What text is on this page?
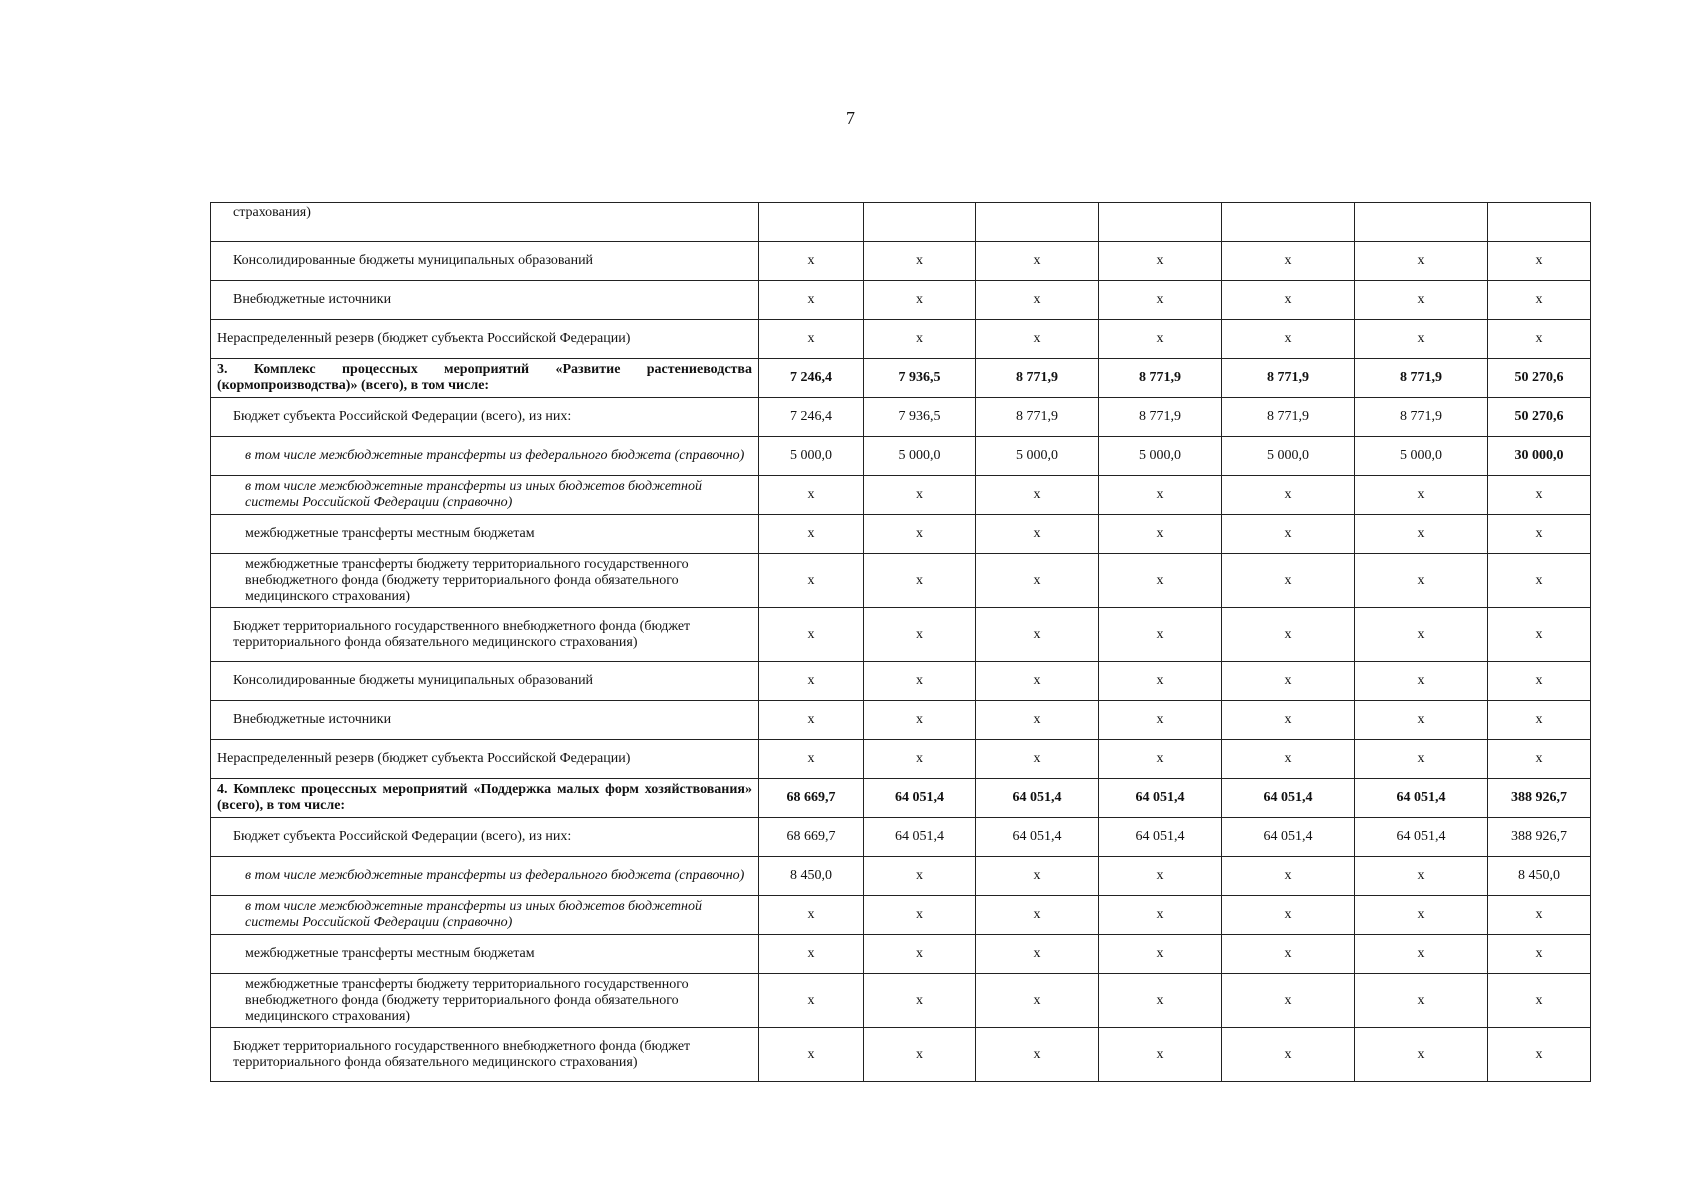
7
страхования)							
Консолидированные бюджеты муниципальных образований	x	x	x	x	x	x	x
Внебюджетные источники	x	x	x	x	x	x	x
Нераспределенный резерв (бюджет субъекта Российской Федерации)	x	x	x	x	x	x	x
3. Комплекс процессных мероприятий «Развитие растениеводства (кормопроизводства)» (всего), в том числе:	7 246,4	7 936,5	8 771,9	8 771,9	8 771,9	8 771,9	50 270,6
Бюджет субъекта Российской Федерации (всего), из них:	7 246,4	7 936,5	8 771,9	8 771,9	8 771,9	8 771,9	50 270,6
в том числе межбюджетные трансферты из федерального бюджета (справочно)	5 000,0	5 000,0	5 000,0	5 000,0	5 000,0	5 000,0	30 000,0
в том числе межбюджетные трансферты из иных бюджетов бюджетной системы Российской Федерации (справочно)	x	x	x	x	x	x	x
межбюджетные трансферты местным бюджетам	x	x	x	x	x	x	x
межбюджетные трансферты бюджету территориального государственного внебюджетного фонда (бюджету территориального фонда обязательного медицинского страхования)	x	x	x	x	x	x	x
Бюджет территориального государственного внебюджетного фонда (бюджет территориального фонда обязательного медицинского страхования)	x	x	x	x	x	x	x
Консолидированные бюджеты муниципальных образований	x	x	x	x	x	x	x
Внебюджетные источники	x	x	x	x	x	x	x
Нераспределенный резерв (бюджет субъекта Российской Федерации)	x	x	x	x	x	x	x
4. Комплекс процессных мероприятий «Поддержка малых форм хозяйствования» (всего), в том числе:	68 669,7	64 051,4	64 051,4	64 051,4	64 051,4	64 051,4	388 926,7
Бюджет субъекта Российской Федерации (всего), из них:	68 669,7	64 051,4	64 051,4	64 051,4	64 051,4	64 051,4	388 926,7
в том числе межбюджетные трансферты из федерального бюджета (справочно)	8 450,0	x	x	x	x	x	8 450,0
в том числе межбюджетные трансферты из иных бюджетов бюджетной системы Российской Федерации (справочно)	x	x	x	x	x	x	x
межбюджетные трансферты местным бюджетам	x	x	x	x	x	x	x
межбюджетные трансферты бюджету территориального государственного внебюджетного фонда (бюджету территориального фонда обязательного медицинского страхования)	x	x	x	x	x	x	x
Бюджет территориального государственного внебюджетного фонда (бюджет территориального фонда обязательного медицинского страхования)	x	x	x	x	x	x	x
